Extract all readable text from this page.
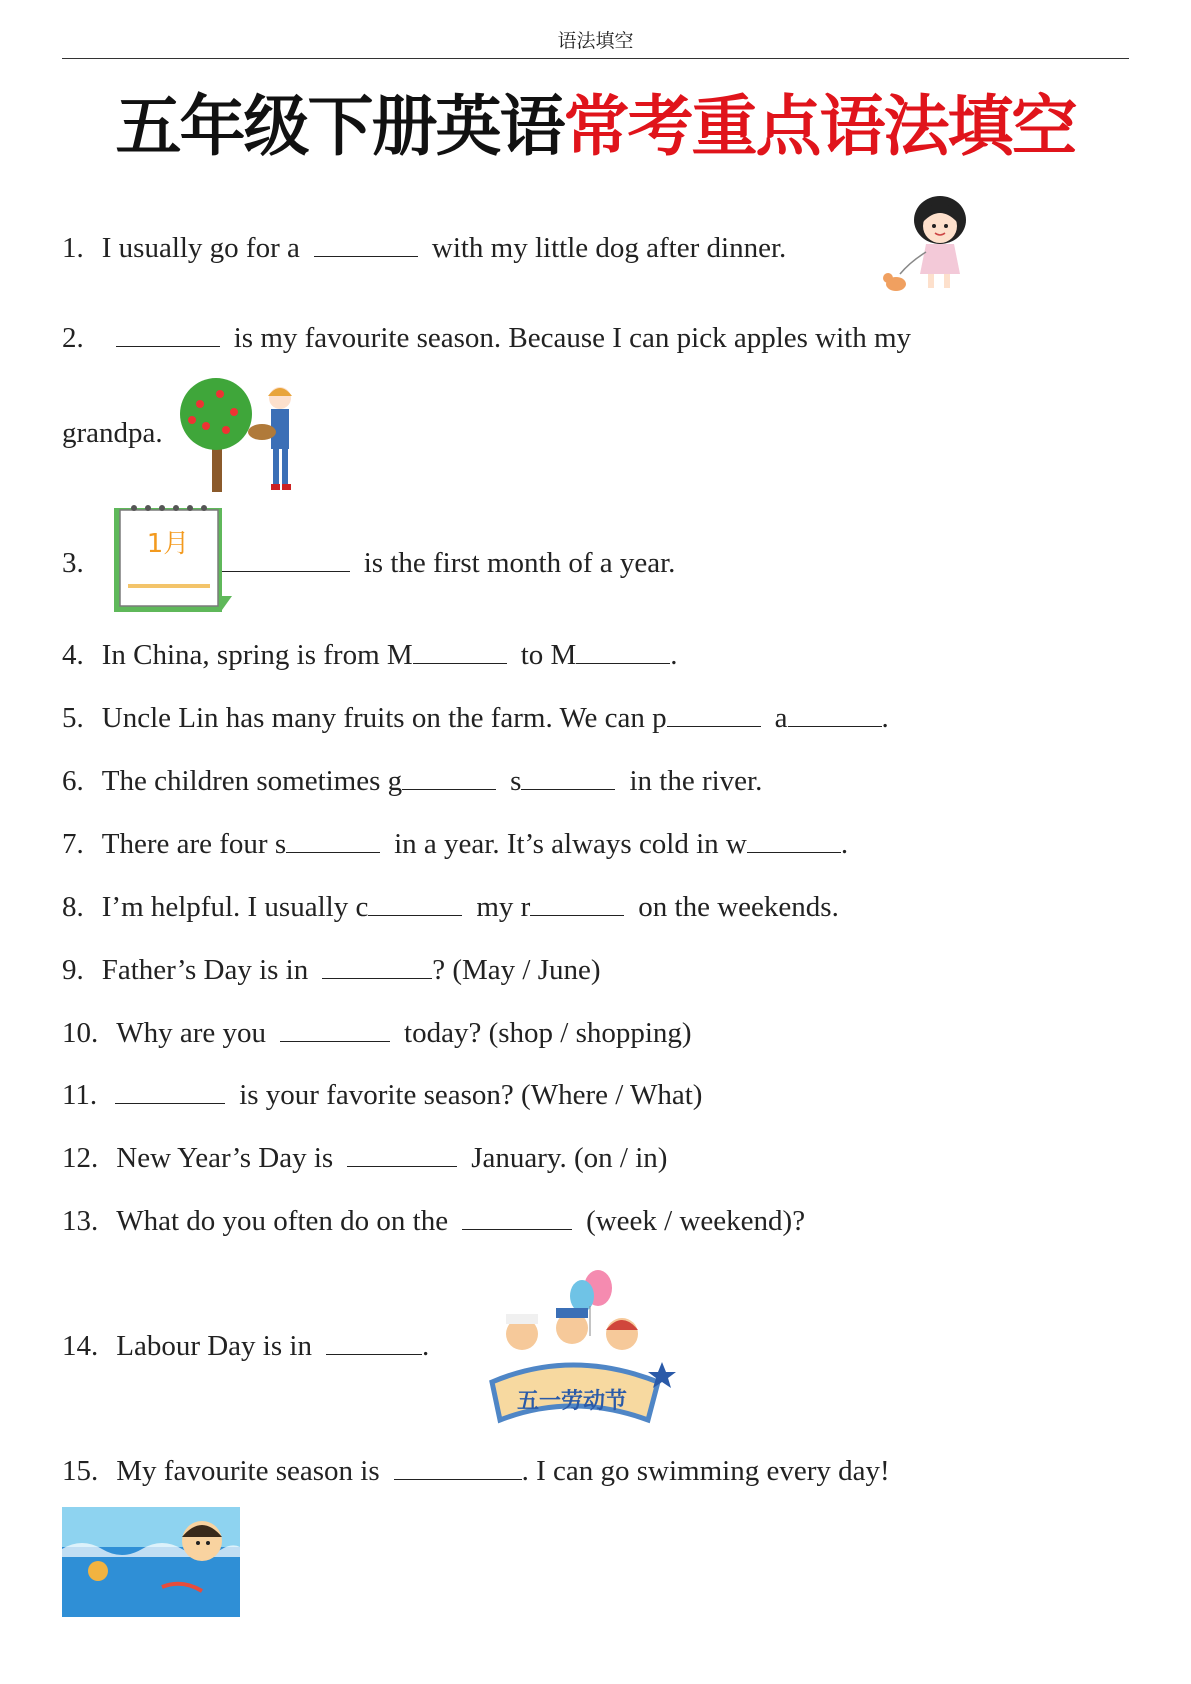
语法填空
五年级下册英语常考重点语法填空
1. I usually go for a	with my little dog after dinner.
2.	is my favourite season. Because I can pick apples with my
grandpa.
3.	is the first month of a year.
1月
4. In China, spring is from M	to M	.
5. Uncle Lin has many fruits on the farm. We can p	a	.
6. The children sometimes g	s	in the river.
7. There are four s	in a year. It’s always cold in w	.
8. I’m helpful. I usually c	my r	on the weekends.
9. Father’s Day is in	? (May / June)
10. Why are you	today? (shop / shopping)
11.	is your favorite season? (Where / What)
12. New Year’s Day is	January. (on / in)
13. What do you often do on the	(week / weekend)?
14. Labour Day is in	.
五一劳动节
15. My favourite season is	. I can go swimming every day!
